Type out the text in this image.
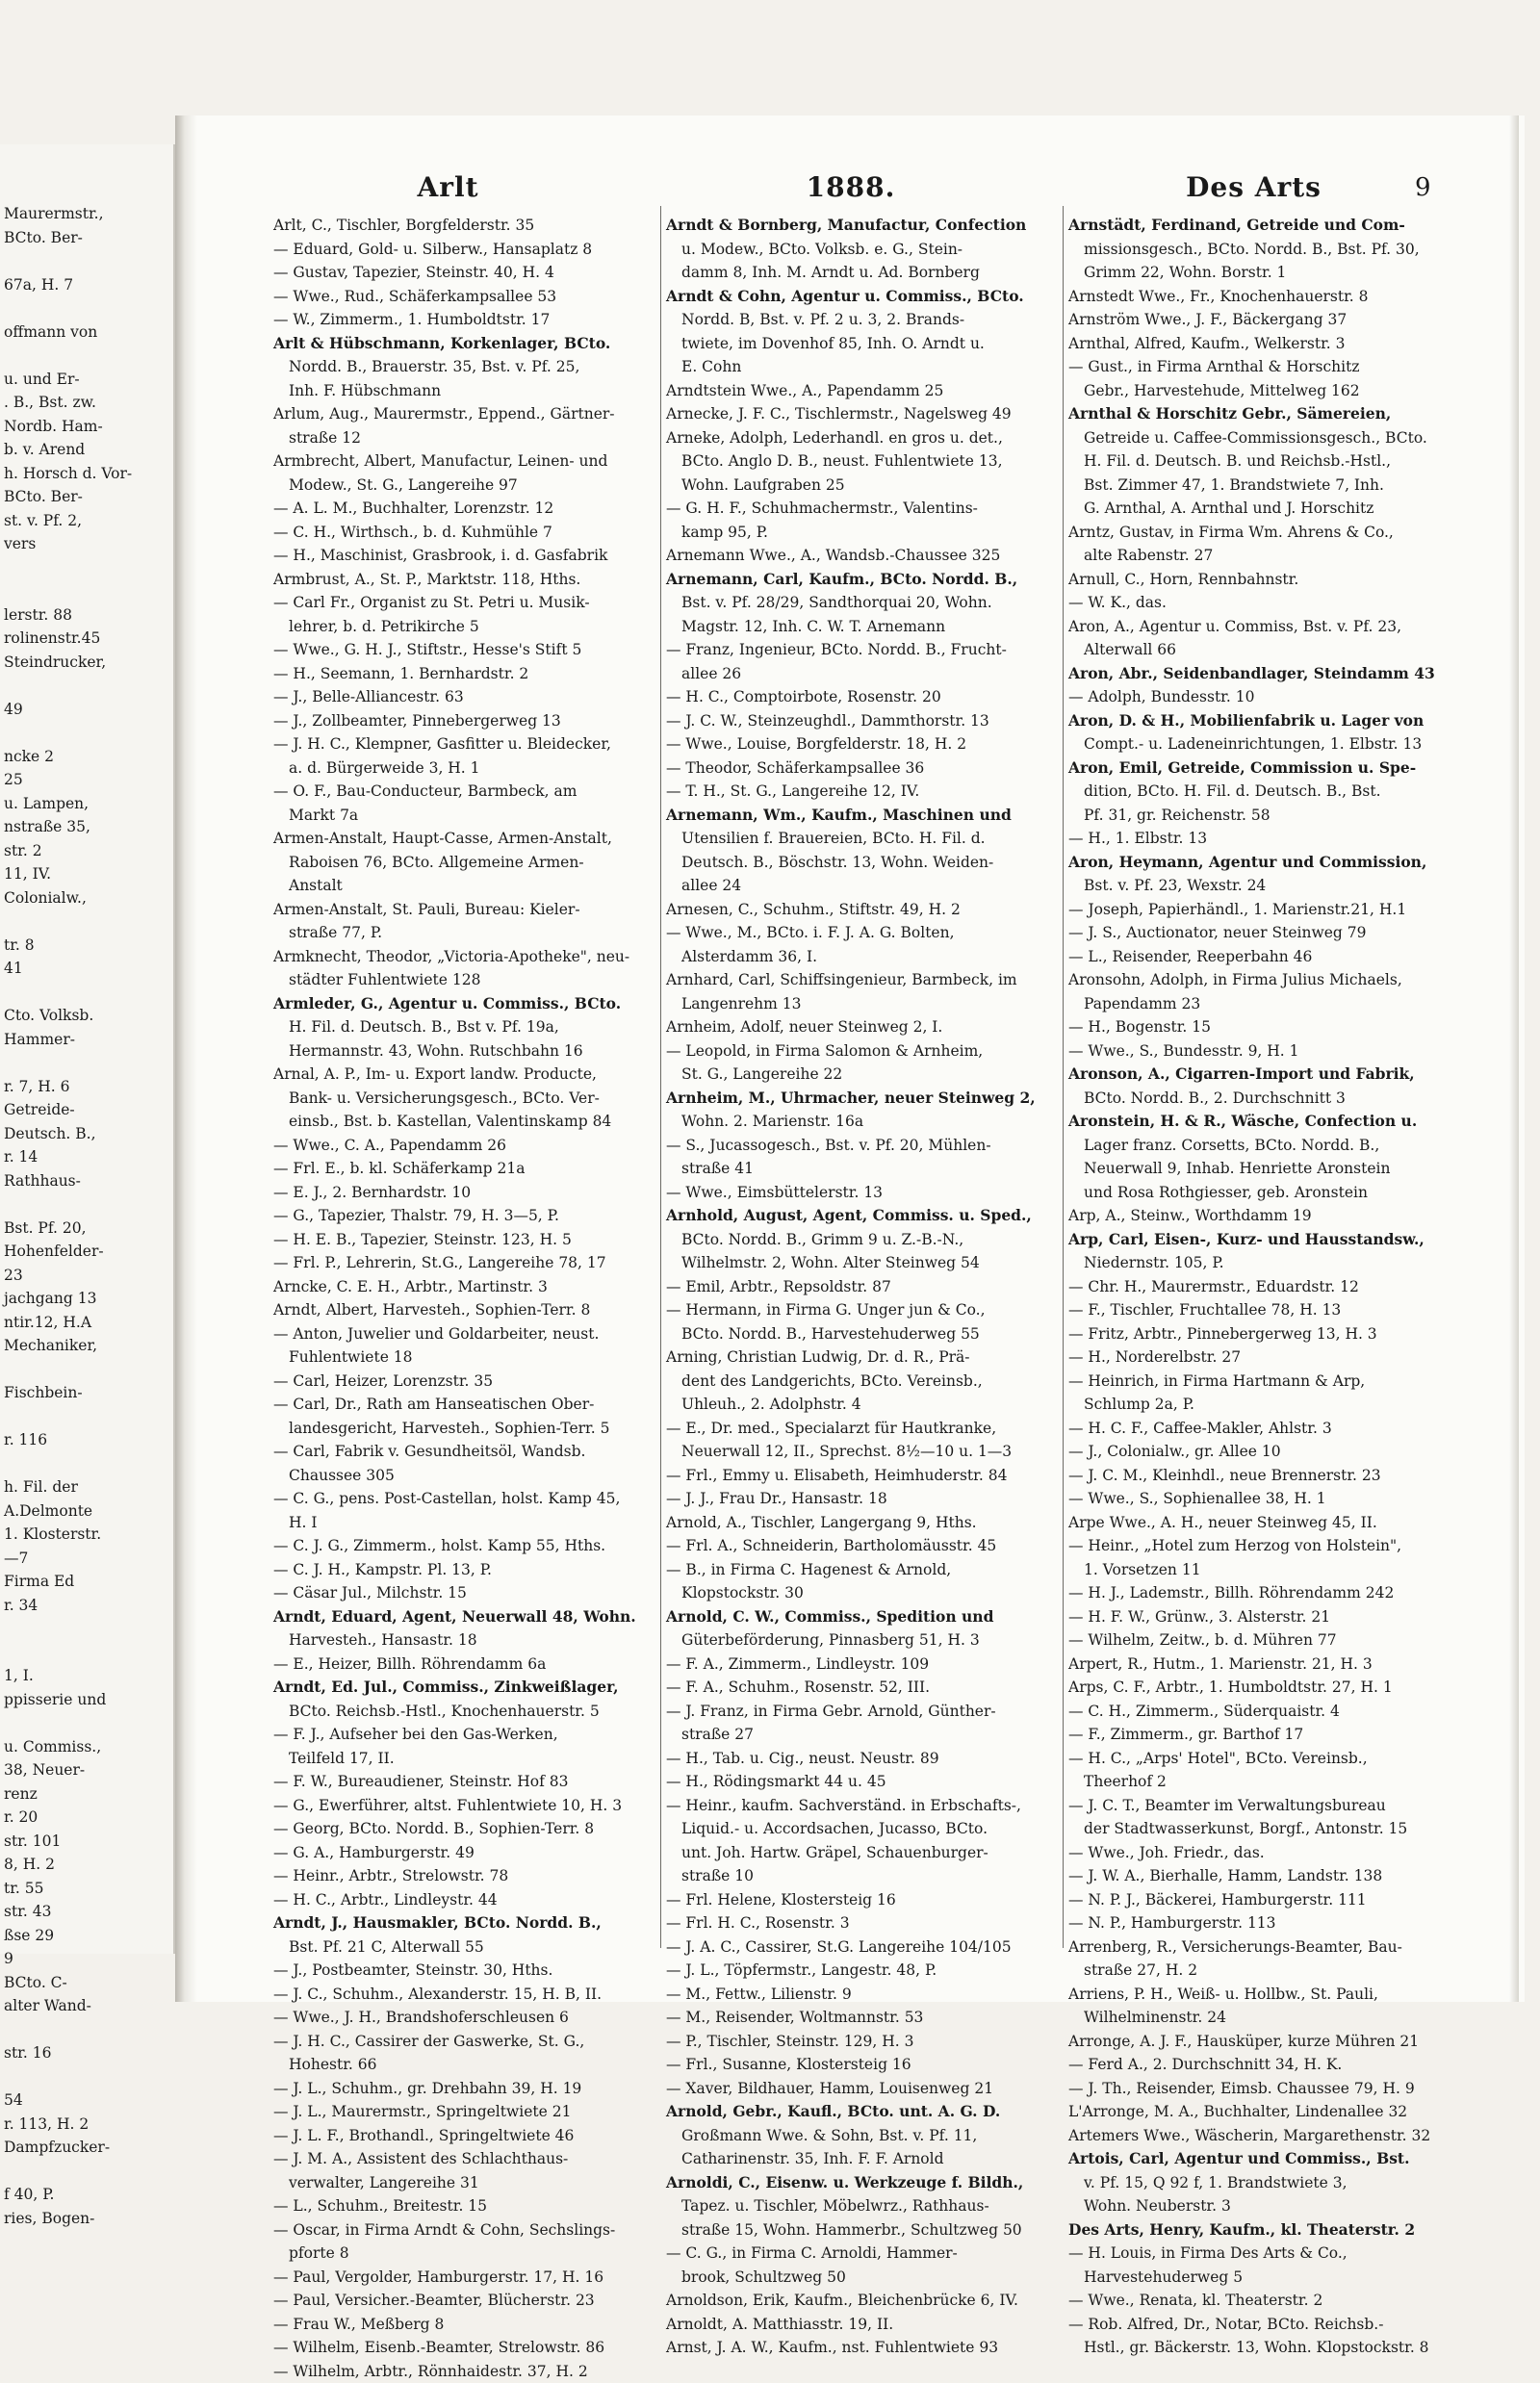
Maurermstr.,
BCto. Ber-

67a, H. 7

offmann von

u. und Er-
. B., Bst. zw.
Nordb. Ham-
b. v. Arend
h. Horsch d. Vor-
BCto. Ber-
st. v. Pf. 2,
vers

lerstr. 88
rolinenstr.45
Steindrucker,

49

ncke 2
25
u. Lampen,
nstraße 35,
str. 2
11, IV.
Colonialw.,

tr. 8
41

Cto. Volksb.
Hammer-

r. 7, H. 6
Getreide-
Deutsch. B.,
r. 14
Rathhaus-

Bst. Pf. 20,
Hohenfelder-
23
jachgang 13
ntir.12, H.A
Mechaniker,

Fischbein-

r. 116

h. Fil. der
A.Delmonte
1. Klosterstr.
—7
Firma Ed
r. 34

1, I.
ppisserie und

u. Commiss.,
38, Neuer-
renz
r. 20
str. 101
8, H. 2
tr. 55
str. 43
ßse 29
9
BCto. C-
alter Wand-

str. 16

54
r. 113, H. 2
Dampfzucker-

f 40, P.
ries, Bogen-
Arlt	1888.	Des Arts	9
Arlt, C., Tischler, Borgfelderstr. 35
— Eduard, Gold- u. Silberw., Hansaplatz 8
— Gustav, Tapezier, Steinstr. 40, H. 4
— Wwe., Rud., Schäferkampsallee 53
— W., Zimmerm., 1. Humboldtstr. 17
Arlt & Hübschmann, Korkenlager, BCto.
Nordd. B., Brauerstr. 35, Bst. v. Pf. 25,
Inh. F. Hübschmann
Arlum, Aug., Maurermstr., Eppend., Gärtner-
straße 12
Armbrecht, Albert, Manufactur, Leinen- und
Modew., St. G., Langereihe 97
— A. L. M., Buchhalter, Lorenzstr. 12
— C. H., Wirthsch., b. d. Kuhmühle 7
— H., Maschinist, Grasbrook, i. d. Gasfabrik
Armbrust, A., St. P., Marktstr. 118, Hths.
— Carl Fr., Organist zu St. Petri u. Musik-
lehrer, b. d. Petrikirche 5
— Wwe., G. H. J., Stiftstr., Hesse's Stift 5
— H., Seemann, 1. Bernhardstr. 2
— J., Belle-Alliancestr. 63
— J., Zollbeamter, Pinnebergerweg 13
— J. H. C., Klempner, Gasfitter u. Bleidecker,
a. d. Bürgerweide 3, H. 1
— O. F., Bau-Conducteur, Barmbeck, am
Markt 7a
Armen-Anstalt, Haupt-Casse, Armen-Anstalt,
Raboisen 76, BCto. Allgemeine Armen-
Anstalt
Armen-Anstalt, St. Pauli, Bureau: Kieler-
straße 77, P.
Armknecht, Theodor, „Victoria-Apotheke", neu-
städter Fuhlentwiete 128
Armleder, G., Agentur u. Commiss., BCto.
H. Fil. d. Deutsch. B., Bst v. Pf. 19a,
Hermannstr. 43, Wohn. Rutschbahn 16
Arnal, A. P., Im- u. Export landw. Producte,
Bank- u. Versicherungsgesch., BCto. Ver-
einsb., Bst. b. Kastellan, Valentinskamp 84
— Wwe., C. A., Papendamm 26
— Frl. E., b. kl. Schäferkamp 21a
— E. J., 2. Bernhardstr. 10
— G., Tapezier, Thalstr. 79, H. 3—5, P.
— H. E. B., Tapezier, Steinstr. 123, H. 5
— Frl. P., Lehrerin, St.G., Langereihe 78, 17
Arncke, C. E. H., Arbtr., Martinstr. 3
Arndt, Albert, Harvesteh., Sophien-Terr. 8
— Anton, Juwelier und Goldarbeiter, neust.
Fuhlentwiete 18
— Carl, Heizer, Lorenzstr. 35
— Carl, Dr., Rath am Hanseatischen Ober-
landesgericht, Harvesteh., Sophien-Terr. 5
— Carl, Fabrik v. Gesundheitsöl, Wandsb.
Chaussee 305
— C. G., pens. Post-Castellan, holst. Kamp 45,
H. I
— C. J. G., Zimmerm., holst. Kamp 55, Hths.
— C. J. H., Kampstr. Pl. 13, P.
— Cäsar Jul., Milchstr. 15
Arndt, Eduard, Agent, Neuerwall 48, Wohn.
Harvesteh., Hansastr. 18
— E., Heizer, Billh. Röhrendamm 6a
Arndt, Ed. Jul., Commiss., Zinkweißlager,
BCto. Reichsb.-Hstl., Knochenhauerstr. 5
— F. J., Aufseher bei den Gas-Werken,
Teilfeld 17, II.
— F. W., Bureaudiener, Steinstr. Hof 83
— G., Ewerführer, altst. Fuhlentwiete 10, H. 3
— Georg, BCto. Nordd. B., Sophien-Terr. 8
— G. A., Hamburgerstr. 49
— Heinr., Arbtr., Strelowstr. 78
— H. C., Arbtr., Lindleystr. 44
Arndt, J., Hausmakler, BCto. Nordd. B.,
Bst. Pf. 21 C, Alterwall 55
— J., Postbeamter, Steinstr. 30, Hths.
— J. C., Schuhm., Alexanderstr. 15, H. B, II.
— Wwe., J. H., Brandshoferschleusen 6
— J. H. C., Cassirer der Gaswerke, St. G.,
Hohestr. 66
— J. L., Schuhm., gr. Drehbahn 39, H. 19
— J. L., Maurermstr., Springeltwiete 21
— J. L. F., Brothandl., Springeltwiete 46
— J. M. A., Assistent des Schlachthaus-
verwalter, Langereihe 31
— L., Schuhm., Breitestr. 15
— Oscar, in Firma Arndt & Cohn, Sechslings-
pforte 8
— Paul, Vergolder, Hamburgerstr. 17, H. 16
— Paul, Versicher.-Beamter, Blücherstr. 23
— Frau W., Meßberg 8
— Wilhelm, Eisenb.-Beamter, Strelowstr. 86
— Wilhelm, Arbtr., Rönnhaidestr. 37, H. 2
Arndt & Bornberg, Manufactur, Confection
u. Modew., BCto. Volksb. e. G., Stein-
damm 8, Inh. M. Arndt u. Ad. Bornberg
Arndt & Cohn, Agentur u. Commiss., BCto.
Nordd. B, Bst. v. Pf. 2 u. 3, 2. Brands-
twiete, im Dovenhof 85, Inh. O. Arndt u.
E. Cohn
Arndtstein Wwe., A., Papendamm 25
Arnecke, J. F. C., Tischlermstr., Nagelsweg 49
Arneke, Adolph, Lederhandl. en gros u. det.,
BCto. Anglo D. B., neust. Fuhlentwiete 13,
Wohn. Laufgraben 25
— G. H. F., Schuhmachermstr., Valentins-
kamp 95, P.
Arnemann Wwe., A., Wandsb.-Chaussee 325
Arnemann, Carl, Kaufm., BCto. Nordd. B.,
Bst. v. Pf. 28/29, Sandthorquai 20, Wohn.
Magstr. 12, Inh. C. W. T. Arnemann
— Franz, Ingenieur, BCto. Nordd. B., Frucht-
allee 26
— H. C., Comptoirbote, Rosenstr. 20
— J. C. W., Steinzeughdl., Dammthorstr. 13
— Wwe., Louise, Borgfelderstr. 18, H. 2
— Theodor, Schäferkampsallee 36
— T. H., St. G., Langereihe 12, IV.
Arnemann, Wm., Kaufm., Maschinen und
Utensilien f. Brauereien, BCto. H. Fil. d.
Deutsch. B., Böschstr. 13, Wohn. Weiden-
allee 24
Arnesen, C., Schuhm., Stiftstr. 49, H. 2
— Wwe., M., BCto. i. F. J. A. G. Bolten,
Alsterdamm 36, I.
Arnhard, Carl, Schiffsingenieur, Barmbeck, im
Langenrehm 13
Arnheim, Adolf, neuer Steinweg 2, I.
— Leopold, in Firma Salomon & Arnheim,
St. G., Langereihe 22
Arnheim, M., Uhrmacher, neuer Steinweg 2,
Wohn. 2. Marienstr. 16a
— S., Jucassogesch., Bst. v. Pf. 20, Mühlen-
straße 41
— Wwe., Eimsbüttelerstr. 13
Arnhold, August, Agent, Commiss. u. Sped.,
BCto. Nordd. B., Grimm 9 u. Z.-B.-N.,
Wilhelmstr. 2, Wohn. Alter Steinweg 54
— Emil, Arbtr., Repsoldstr. 87
— Hermann, in Firma G. Unger jun & Co.,
BCto. Nordd. B., Harvestehuderweg 55
Arning, Christian Ludwig, Dr. d. R., Prä-
dent des Landgerichts, BCto. Vereinsb.,
Uhleuh., 2. Adolphstr. 4
— E., Dr. med., Specialarzt für Hautkranke,
Neuerwall 12, II., Sprechst. 8½—10 u. 1—3
— Frl., Emmy u. Elisabeth, Heimhuderstr. 84
— J. J., Frau Dr., Hansastr. 18
Arnold, A., Tischler, Langergang 9, Hths.
— Frl. A., Schneiderin, Bartholomäusstr. 45
— B., in Firma C. Hagenest & Arnold,
Klopstockstr. 30
Arnold, C. W., Commiss., Spedition und
Güterbeförderung, Pinnasberg 51, H. 3
— F. A., Zimmerm., Lindleystr. 109
— F. A., Schuhm., Rosenstr. 52, III.
— J. Franz, in Firma Gebr. Arnold, Günther-
straße 27
— H., Tab. u. Cig., neust. Neustr. 89
— H., Rödingsmarkt 44 u. 45
— Heinr., kaufm. Sachverständ. in Erbschafts-,
Liquid.- u. Accordsachen, Jucasso, BCto.
unt. Joh. Hartw. Gräpel, Schauenburger-
straße 10
— Frl. Helene, Klostersteig 16
— Frl. H. C., Rosenstr. 3
— J. A. C., Cassirer, St.G. Langereihe 104/105
— J. L., Töpfermstr., Langestr. 48, P.
— M., Fettw., Lilienstr. 9
— M., Reisender, Woltmannstr. 53
— P., Tischler, Steinstr. 129, H. 3
— Frl., Susanne, Klostersteig 16
— Xaver, Bildhauer, Hamm, Louisenweg 21
Arnold, Gebr., Kaufl., BCto. unt. A. G. D.
Großmann Wwe. & Sohn, Bst. v. Pf. 11,
Catharinenstr. 35, Inh. F. F. Arnold
Arnoldi, C., Eisenw. u. Werkzeuge f. Bildh.,
Tapez. u. Tischler, Möbelwrz., Rathhaus-
straße 15, Wohn. Hammerbr., Schultzweg 50
— C. G., in Firma C. Arnoldi, Hammer-
brook, Schultzweg 50
Arnoldson, Erik, Kaufm., Bleichenbrücke 6, IV.
Arnoldt, A. Matthiasstr. 19, II.
Arnst, J. A. W., Kaufm., nst. Fuhlentwiete 93
Arnstädt, Ferdinand, Getreide und Com-
missionsgesch., BCto. Nordd. B., Bst. Pf. 30,
Grimm 22, Wohn. Borstr. 1
Arnstedt Wwe., Fr., Knochenhauerstr. 8
Arnström Wwe., J. F., Bäckergang 37
Arnthal, Alfred, Kaufm., Welkerstr. 3
— Gust., in Firma Arnthal & Horschitz
Gebr., Harvestehude, Mittelweg 162
Arnthal & Horschitz Gebr., Sämereien,
Getreide u. Caffee-Commissionsgesch., BCto.
H. Fil. d. Deutsch. B. und Reichsb.-Hstl.,
Bst. Zimmer 47, 1. Brandstwiete 7, Inh.
G. Arnthal, A. Arnthal und J. Horschitz
Arntz, Gustav, in Firma Wm. Ahrens & Co.,
alte Rabenstr. 27
Arnull, C., Horn, Rennbahnstr.
— W. K., das.
Aron, A., Agentur u. Commiss, Bst. v. Pf. 23,
Alterwall 66
Aron, Abr., Seidenbandlager, Steindamm 43
— Adolph, Bundesstr. 10
Aron, D. & H., Mobilienfabrik u. Lager von
Compt.- u. Ladeneinrichtungen, 1. Elbstr. 13
Aron, Emil, Getreide, Commission u. Spe-
dition, BCto. H. Fil. d. Deutsch. B., Bst.
Pf. 31, gr. Reichenstr. 58
— H., 1. Elbstr. 13
Aron, Heymann, Agentur und Commission,
Bst. v. Pf. 23, Wexstr. 24
— Joseph, Papierhändl., 1. Marienstr.21, H.1
— J. S., Auctionator, neuer Steinweg 79
— L., Reisender, Reeperbahn 46
Aronsohn, Adolph, in Firma Julius Michaels,
Papendamm 23
— H., Bogenstr. 15
— Wwe., S., Bundesstr. 9, H. 1
Aronson, A., Cigarren-Import und Fabrik,
BCto. Nordd. B., 2. Durchschnitt 3
Aronstein, H. & R., Wäsche, Confection u.
Lager franz. Corsetts, BCto. Nordd. B.,
Neuerwall 9, Inhab. Henriette Aronstein
und Rosa Rothgiesser, geb. Aronstein
Arp, A., Steinw., Worthdamm 19
Arp, Carl, Eisen-, Kurz- und Hausstandsw.,
Niedernstr. 105, P.
— Chr. H., Maurermstr., Eduardstr. 12
— F., Tischler, Fruchtallee 78, H. 13
— Fritz, Arbtr., Pinnebergerweg 13, H. 3
— H., Norderelbstr. 27
— Heinrich, in Firma Hartmann & Arp,
Schlump 2a, P.
— H. C. F., Caffee-Makler, Ahlstr. 3
— J., Colonialw., gr. Allee 10
— J. C. M., Kleinhdl., neue Brennerstr. 23
— Wwe., S., Sophienallee 38, H. 1
Arpe Wwe., A. H., neuer Steinweg 45, II.
— Heinr., „Hotel zum Herzog von Holstein",
1. Vorsetzen 11
— H. J., Lademstr., Billh. Röhrendamm 242
— H. F. W., Grünw., 3. Alsterstr. 21
— Wilhelm, Zeitw., b. d. Mühren 77
Arpert, R., Hutm., 1. Marienstr. 21, H. 3
Arps, C. F., Arbtr., 1. Humboldtstr. 27, H. 1
— C. H., Zimmerm., Süderquaistr. 4
— F., Zimmerm., gr. Barthof 17
— H. C., „Arps' Hotel", BCto. Vereinsb.,
Theerhof 2
— J. C. T., Beamter im Verwaltungsbureau
der Stadtwasserkunst, Borgf., Antonstr. 15
— Wwe., Joh. Friedr., das.
— J. W. A., Bierhalle, Hamm, Landstr. 138
— N. P. J., Bäckerei, Hamburgerstr. 111
— N. P., Hamburgerstr. 113
Arrenberg, R., Versicherungs-Beamter, Bau-
straße 27, H. 2
Arriens, P. H., Weiß- u. Hollbw., St. Pauli,
Wilhelminenstr. 24
Arronge, A. J. F., Hausküper, kurze Mühren 21
— Ferd A., 2. Durchschnitt 34, H. K.
— J. Th., Reisender, Eimsb. Chaussee 79, H. 9
L'Arronge, M. A., Buchhalter, Lindenallee 32
Artemers Wwe., Wäscherin, Margarethenstr. 32
Artois, Carl, Agentur und Commiss., Bst.
v. Pf. 15, Q 92 f, 1. Brandstwiete 3,
Wohn. Neuberstr. 3
Des Arts, Henry, Kaufm., kl. Theaterstr. 2
— H. Louis, in Firma Des Arts & Co.,
Harvestehuderweg 5
— Wwe., Renata, kl. Theaterstr. 2
— Rob. Alfred, Dr., Notar, BCto. Reichsb.-
Hstl., gr. Bäckerstr. 13, Wohn. Klopstockstr. 8
